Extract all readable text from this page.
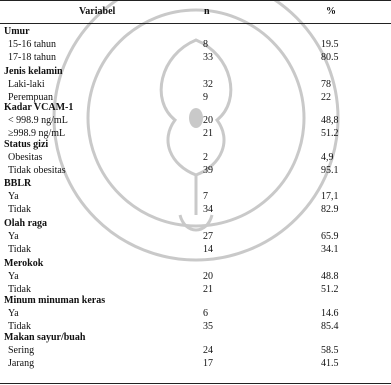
Variabel	n	%
Umur
15-16 tahun	8	19.5
17-18 tahun	33	80.5
Jenis kelamin
Laki-laki	32	78
Perempuan	9	22
Kadar VCAM-1
< 998.9 ng/mL	20	48,8
≥998.9 ng/mL	21	51.2
Status gizi
Obesitas	2	4,9
Tidak obesitas	39	95.1
BBLR
Ya	7	17,1
Tidak	34	82.9
Olah raga
Ya	27	65.9
Tidak	14	34.1
Merokok
Ya	20	48.8
Tidak	21	51.2
Minum minuman keras
Ya	6	14.6
Tidak	35	85.4
Makan sayur/buah
Sering	24	58.5
Jarang	17	41.5
